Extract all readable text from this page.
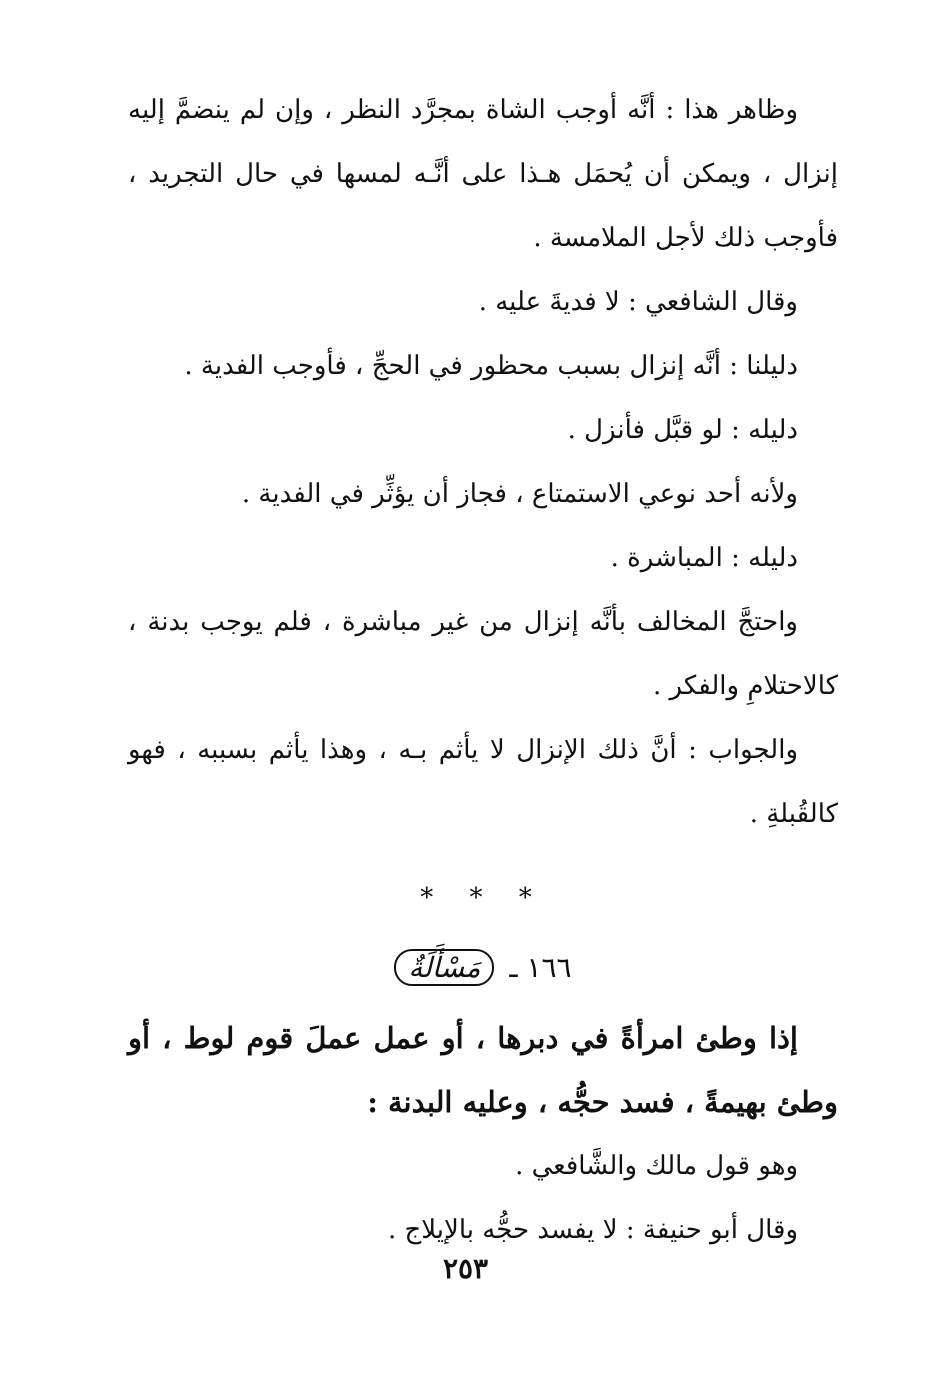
وظاهر هذا : أنَّه أوجب الشاة بمجرَّد النظر ، وإن لم ينضمَّ إليه إنزال ، ويمكن أن يُحمَل هـذا على أنَّـه لمسها في حال التجريد ، فأوجب ذلك لأجل الملامسة .

وقال الشافعي : لا فديةَ عليه .

دليلنا : أنَّه إنزال بسبب محظور في الحجِّ ، فأوجب الفدية .

دليله : لو قبَّل فأنزل .

ولأنه أحد نوعي الاستمتاع ، فجاز أن يؤثِّر في الفدية .

دليله : المباشرة .

واحتجَّ المخالف بأنَّه إنزال من غير مباشرة ، فلم يوجب بدنة ، كالاحتلامِ والفكر .

والجواب : أنَّ ذلك الإنزال لا يأثم بـه ، وهذا يأثم بسببه ، فهو كالقُبلةِ .

* * *
١٦٦ ـ مَسْأَلَةٌ

إذا وطئ امرأةً في دبرها ، أو عمل عملَ قوم لوط ، أو وطئ بهيمةً ، فسد حجُّه ، وعليه البدنة :

وهو قول مالك والشَّافعي .

وقال أبو حنيفة : لا يفسد حجُّه بالإيلاج .

٢٥٣
